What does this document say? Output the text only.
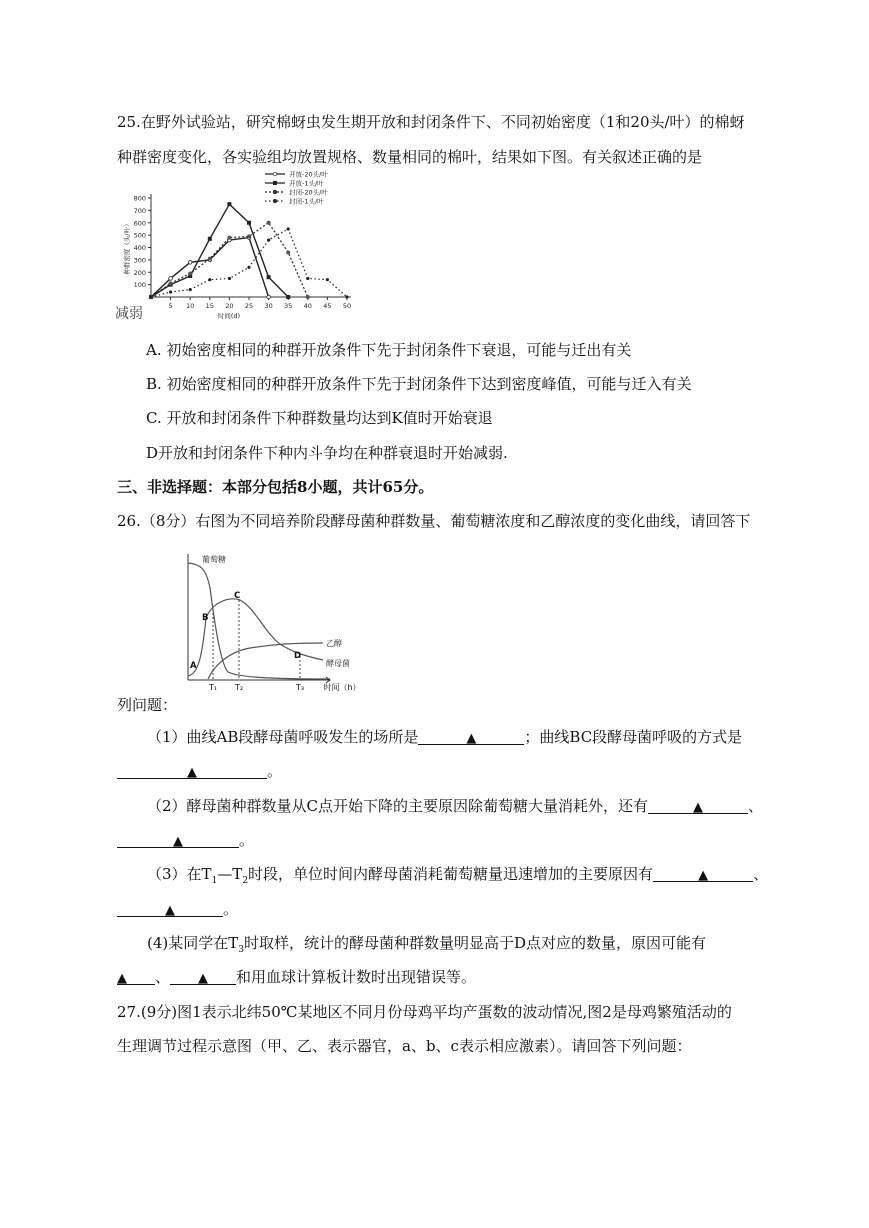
25.在野外试验站，研究棉蚜虫发生期开放和封闭条件下、不同初始密度（1和20头/叶）的棉蚜
种群密度变化，各实验组均放置规格、数量相同的棉叶，结果如下图。有关叙述正确的是
100
200
300
400
500
600
700
800
5 10 15 20 25 30 35 40 45 50
时间(d)
种群密度（头/叶）
开放-20头/叶
开放-1头/叶
封闭-20头/叶
封闭-1头/叶
减弱
A. 初始密度相同的种群开放条件下先于封闭条件下衰退，可能与迁出有关
B. 初始密度相同的种群开放条件下先于封闭条件下达到密度峰值，可能与迁入有关
C. 开放和封闭条件下种群数量均达到K值时开始衰退
D开放和封闭条件下种内斗争均在种群衰退时开始减弱.
三、非选择题：本部分包括8小题，共计65分。
26.（8分）右图为不同培养阶段酵母菌种群数量、葡萄糖浓度和乙醇浓度的变化曲线，请回答下
葡萄糖
酵母菌
乙醇
A
B
C
D
T₁ T₂	T₃ 时间（h）
列问题：
（1）曲线AB段酵母菌呼吸发生的场所是	▲	；曲线BC段酵母菌呼吸的方式是
▲	。
（2）酵母菌种群数量从C点开始下降的主要原因除葡萄糖大量消耗外，还有	▲	、
▲	。
（3）在$T_1—T_2$时段，单位时间内酵母菌消耗葡萄糖量迅速增加的主要原因有	▲	、
▲	。
(4)某同学在$T_3$时取样，统计的酵母菌种群数量明显高于D点对应的数量，原因可能有
▲ 、 ▲ 和用血球计算板计数时出现错误等。
27.(9分)图1表示北纬50℃某地区不同月份母鸡平均产蛋数的波动情况,图2是母鸡繁殖活动的
生理调节过程示意图（甲、乙、表示器官，a、b、c表示相应激素）。请回答下列问题：
